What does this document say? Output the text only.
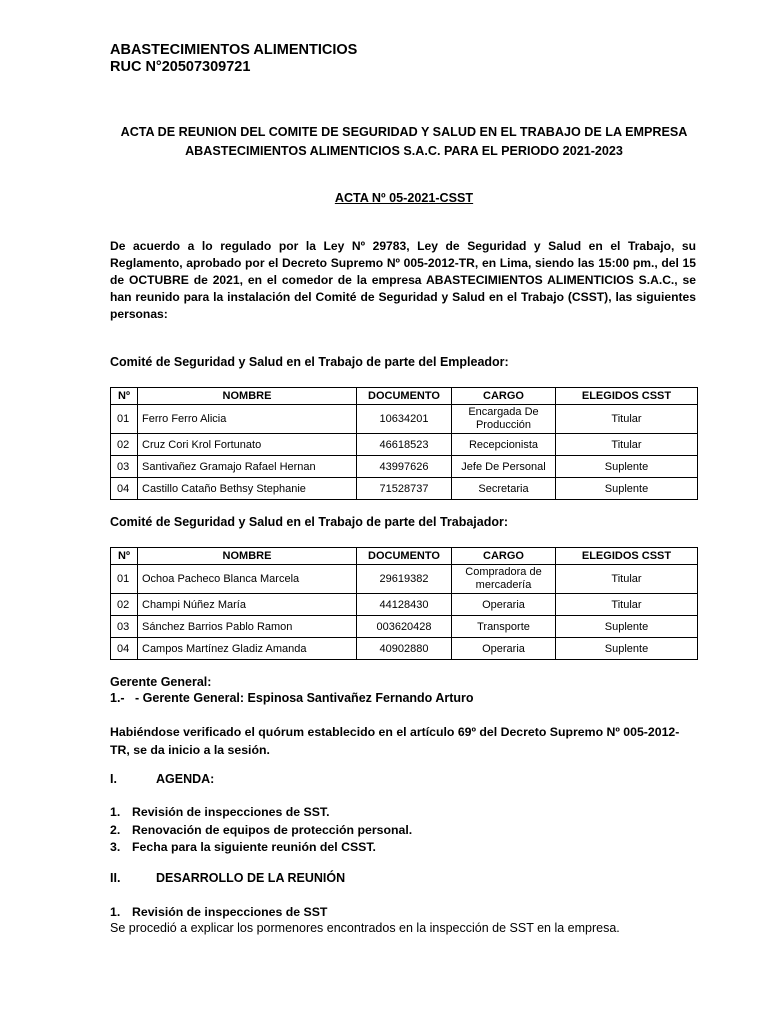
ABASTECIMIENTOS ALIMENTICIOS
RUC N°20507309721
ACTA DE REUNION DEL COMITE DE SEGURIDAD Y SALUD EN EL TRABAJO DE LA EMPRESA
ABASTECIMIENTOS ALIMENTICIOS S.A.C. PARA EL PERIODO 2021-2023
ACTA Nº 05-2021-CSST
De acuerdo a lo regulado por la Ley Nº 29783, Ley de Seguridad y Salud en el Trabajo, su Reglamento, aprobado por el Decreto Supremo Nº 005-2012-TR, en Lima, siendo las 15:00 pm., del 15 de OCTUBRE de 2021, en el comedor de la empresa ABASTECIMIENTOS ALIMENTICIOS S.A.C., se han reunido para la instalación del Comité de Seguridad y Salud en el Trabajo (CSST), las siguientes personas:
Comité de Seguridad y Salud en el Trabajo de parte del Empleador:
Nº	NOMBRE	DOCUMENTO	CARGO	ELEGIDOS CSST
01	Ferro Ferro Alicia	10634201	Encargada De Producción	Titular
02	Cruz Cori Krol Fortunato	46618523	Recepcionista	Titular
03	Santivañez Gramajo Rafael Hernan	43997626	Jefe De Personal	Suplente
04	Castillo Cataño Bethsy Stephanie	71528737	Secretaria	Suplente
Comité de Seguridad y Salud en el Trabajo de parte del Trabajador:
Nº	NOMBRE	DOCUMENTO	CARGO	ELEGIDOS CSST
01	Ochoa Pacheco Blanca Marcela	29619382	Compradora de mercadería	Titular
02	Champi Núñez María	44128430	Operaria	Titular
03	Sánchez Barrios Pablo Ramon	003620428	Transporte	Suplente
04	Campos Martínez Gladiz Amanda	40902880	Operaria	Suplente
Gerente General:
1.-   - Gerente General: Espinosa Santivañez Fernando Arturo
Habiéndose verificado el quórum establecido en el artículo 69º del Decreto Supremo Nº 005-2012-TR, se da inicio a la sesión.
I.	AGENDA:
1. Revisión de inspecciones de SST.
2. Renovación de equipos de protección personal.
3. Fecha para la siguiente reunión del CSST.
II.	DESARROLLO DE LA REUNIÓN
1. Revisión de inspecciones de SST
Se procedió a explicar los pormenores encontrados en la inspección de SST en la empresa.
